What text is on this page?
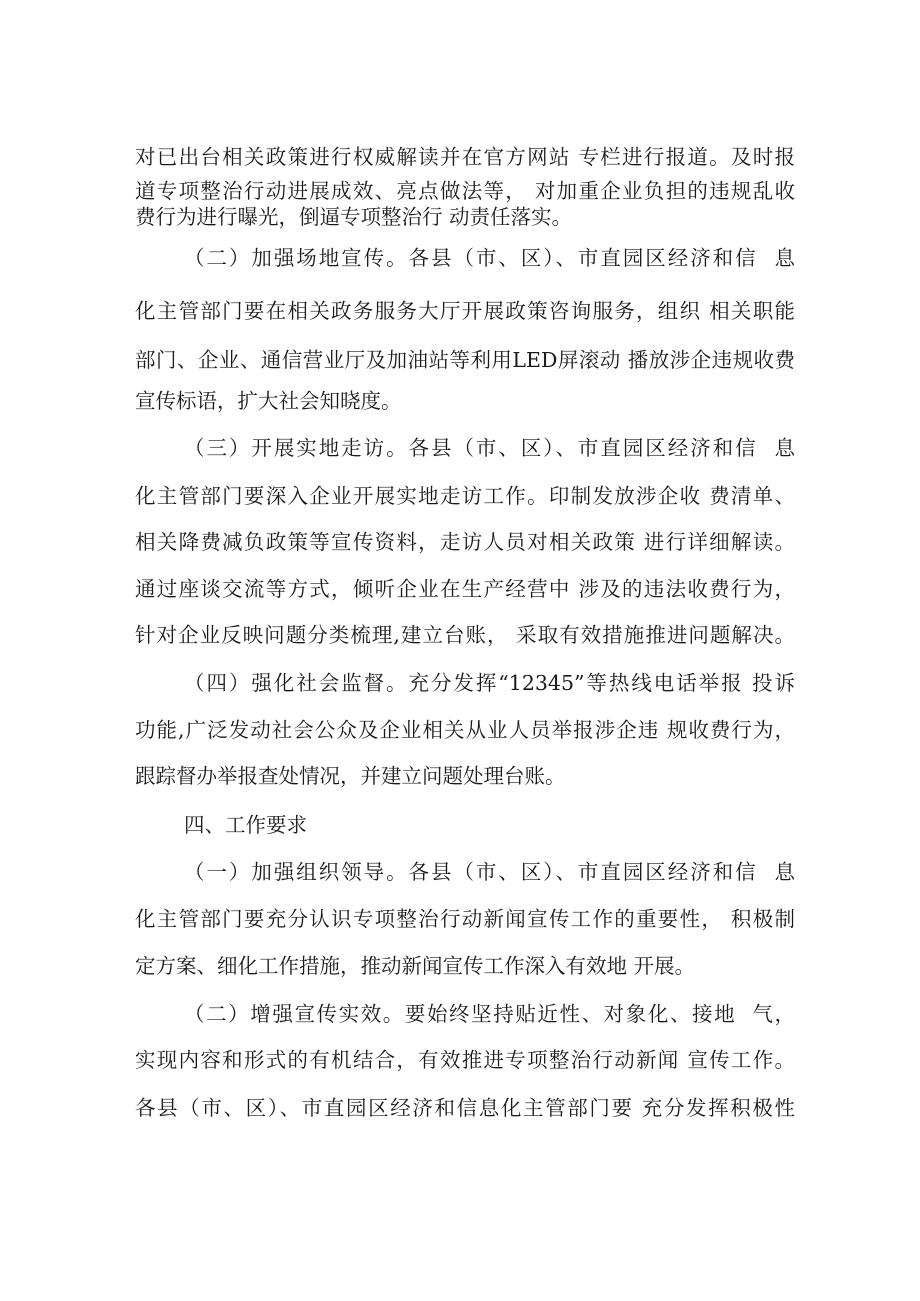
对已出台相关政策进行权威解读并在官方网站 专栏进行报道。及时报
道专项整治行动进展成效、亮点做法等， 对加重企业负担的违规乱收
费行为进行曝光，倒逼专项整治行 动责任落实。
（二）加强场地宣传。各县（市、区）、市直园区经济和信  息
化主管部门要在相关政务服务大厅开展政策咨询服务，组织 相关职能
部门、企业、通信营业厅及加油站等利用LED屏滚动 播放涉企违规收费
宣传标语，扩大社会知晓度。
（三）开展实地走访。各县（市、区）、市直园区经济和信  息
化主管部门要深入企业开展实地走访工作。印制发放涉企收 费清单、
相关降费减负政策等宣传资料，走访人员对相关政策 进行详细解读。
通过座谈交流等方式，倾听企业在生产经营中 涉及的违法收费行为，
针对企业反映问题分类梳理,建立台账， 采取有效措施推进问题解决。
（四）强化社会监督。充分发挥“12345”等热线电话举报 投诉
功能,广泛发动社会公众及企业相关从业人员举报涉企违 规收费行为，
跟踪督办举报查处情况，并建立问题处理台账。
四、工作要求
（一）加强组织领导。各县（市、区）、市直园区经济和信  息
化主管部门要充分认识专项整治行动新闻宣传工作的重要性， 积极制
定方案、细化工作措施，推动新闻宣传工作深入有效地 开展。
（二）增强宣传实效。要始终坚持贴近性、对象化、接地  气，
实现内容和形式的有机结合，有效推进专项整治行动新闻 宣传工作。
各县（市、区）、市直园区经济和信息化主管部门要 充分发挥积极性
